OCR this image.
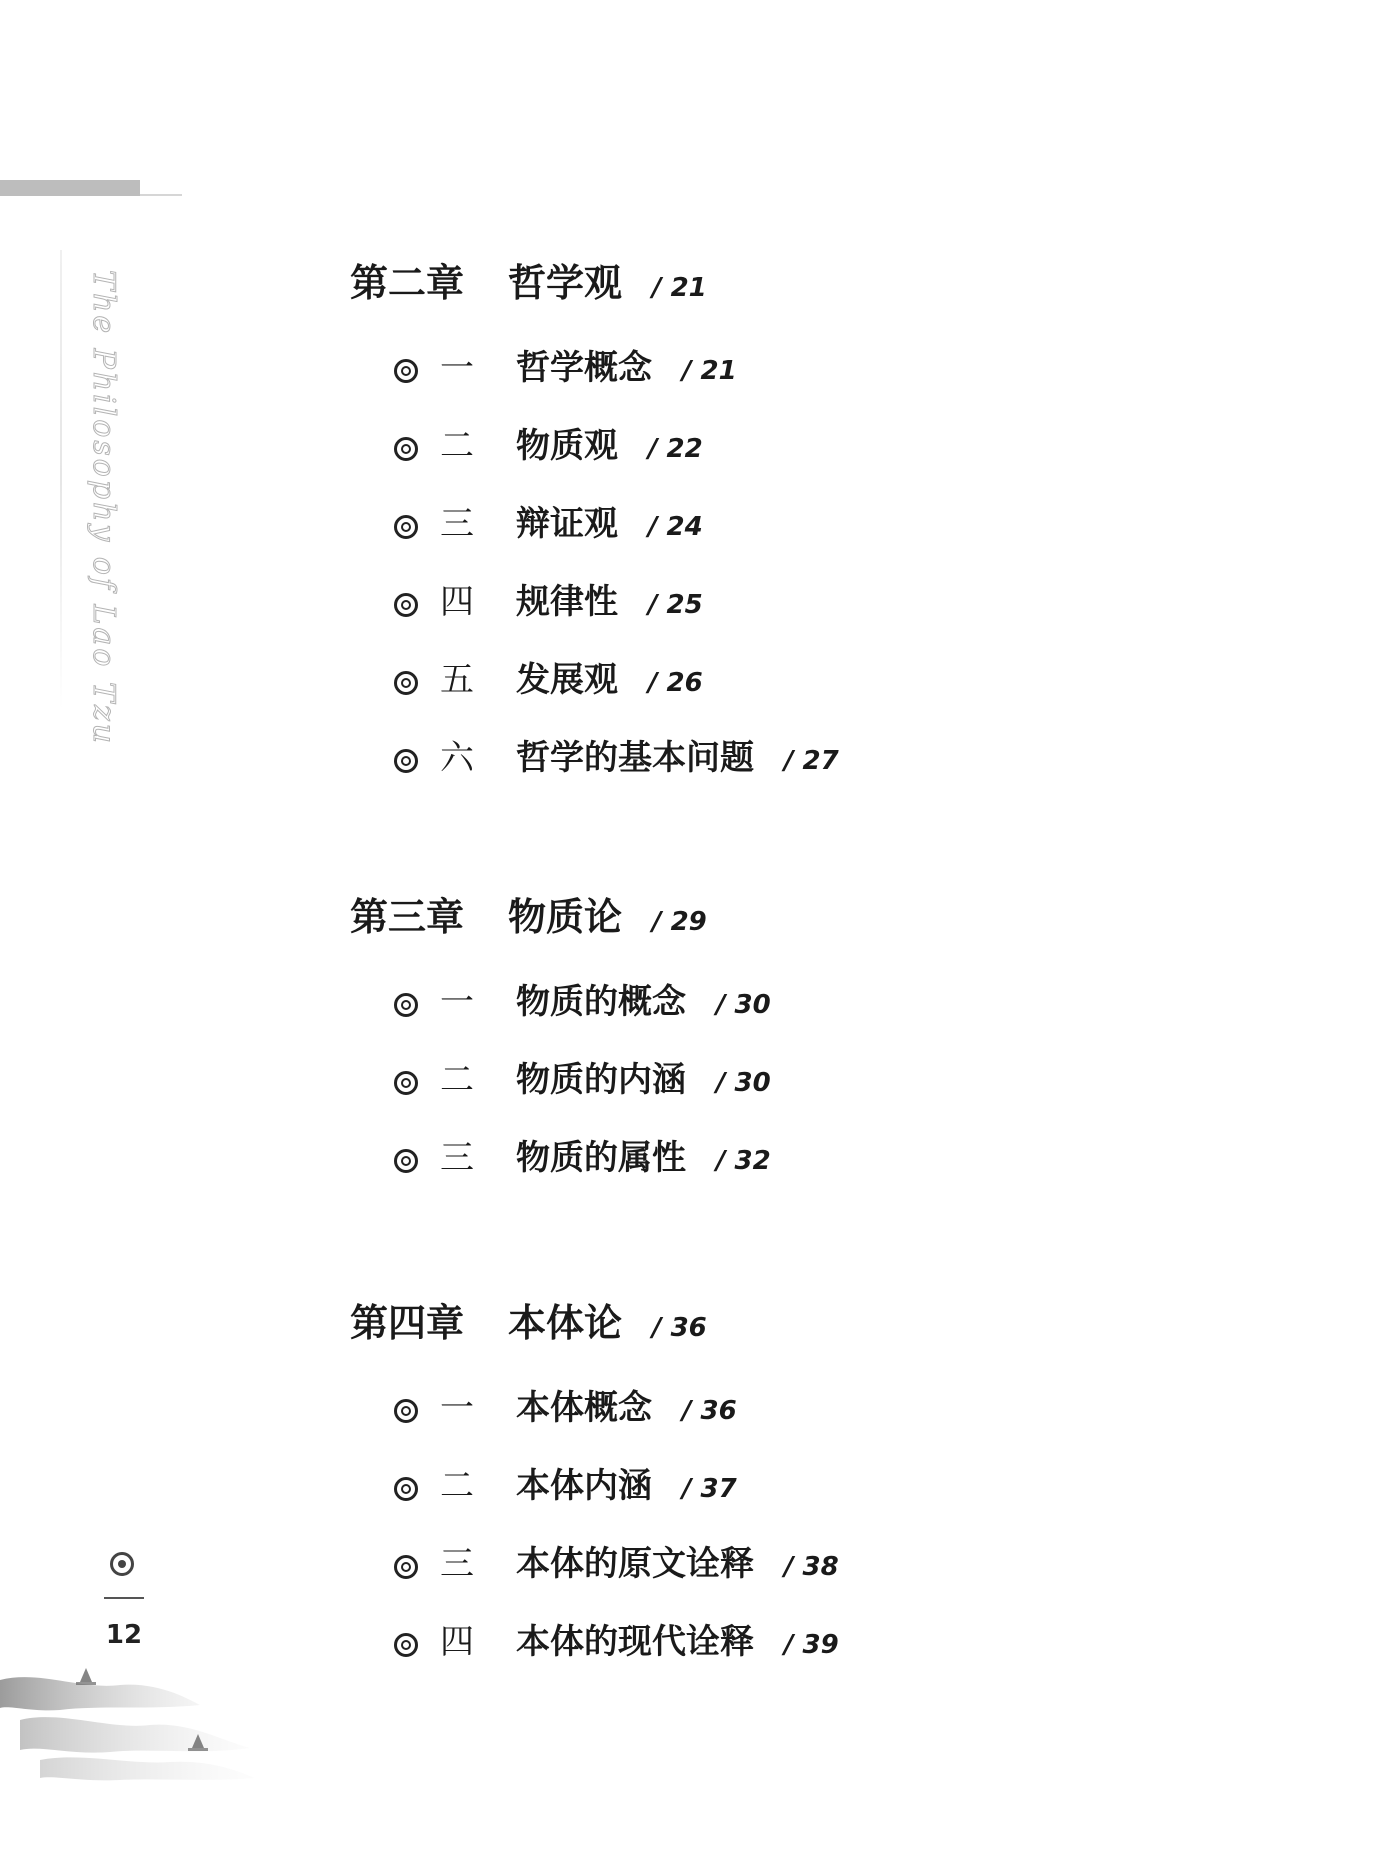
The Philosophy of Lao Tzu	第二章 哲学观 / 21
一 哲学概念 / 21
二 物质观 / 22
三 辩证观 / 24
四 规律性 / 25
五 发展观 / 26
六 哲学的基本问题 / 27
第三章 物质论 / 29
一 物质的概念 / 30
二 物质的内涵 / 30
三 物质的属性 / 32
第四章 本体论 / 36
一 本体概念 / 36
二 本体内涵 / 37
三 本体的原文诠释 / 38
四 本体的现代诠释 / 39
12
